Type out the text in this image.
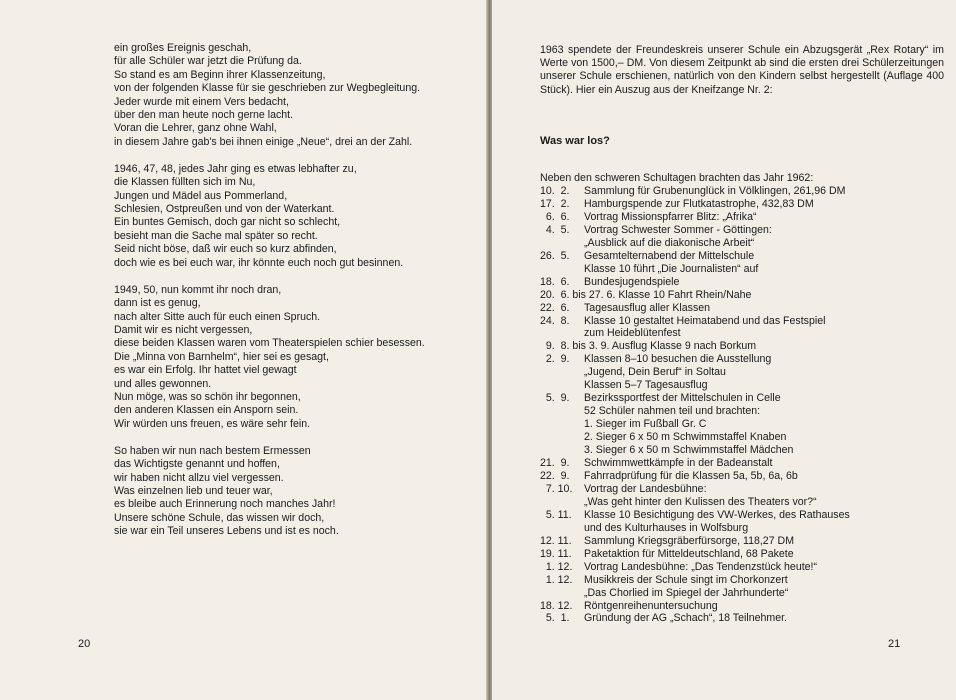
ein großes Ereignis geschah,
für alle Schüler war jetzt die Prüfung da.
So stand es am Beginn ihrer Klassenzeitung,
von der folgenden Klasse für sie geschrieben zur Wegbegleitung.
Jeder wurde mit einem Vers bedacht,
über den man heute noch gerne lacht.
Voran die Lehrer, ganz ohne Wahl,
in diesem Jahre gab's bei ihnen einige „Neue“, drei an der Zahl.
1946, 47, 48, jedes Jahr ging es etwas lebhafter zu,
die Klassen füllten sich im Nu,
Jungen und Mädel aus Pommerland,
Schlesien, Ostpreußen und von der Waterkant.
Ein buntes Gemisch, doch gar nicht so schlecht,
besieht man die Sache mal später so recht.
Seid nicht böse, daß wir euch so kurz abfinden,
doch wie es bei euch war, ihr könnte euch noch gut besinnen.
1949, 50, nun kommt ihr noch dran,
dann ist es genug,
nach alter Sitte auch für euch einen Spruch.
Damit wir es nicht vergessen,
diese beiden Klassen waren vom Theaterspielen schier besessen.
Die „Minna von Barnhelm“, hier sei es gesagt,
es war ein Erfolg. Ihr hattet viel gewagt
und alles gewonnen.
Nun möge, was so schön ihr begonnen,
den anderen Klassen ein Ansporn sein.
Wir würden uns freuen, es wäre sehr fein.
So haben wir nun nach bestem Ermessen
das Wichtigste genannt und hoffen,
wir haben nicht allzu viel vergessen.
Was einzelnen lieb und teuer war,
es bleibe auch Erinnerung noch manches Jahr!
Unsere schöne Schule, das wissen wir doch,
sie war ein Teil unseres Lebens und ist es noch.
20
1963 spendete der Freundeskreis unserer Schule ein Abzugsgerät „Rex Rotary“ im Werte von 1500,– DM. Von diesem Zeitpunkt ab sind die ersten drei Schülerzeitungen unserer Schule erschienen, natürlich von den Kindern selbst hergestellt (Auflage 400 Stück). Hier ein Auszug aus der Kneifzange Nr. 2:
Was war los?
Neben den schweren Schultagen brachten das Jahr 1962:
10.  2.	Sammlung für Grubenunglück in Völklingen, 261,96 DM
17.  2.	Hamburgspende zur Flutkatastrophe, 432,83 DM
6.  6.	Vortrag Missionspfarrer Blitz: „Afrika“
4.  5.	Vortrag Schwester Sommer - Göttingen:
„Ausblick auf die diakonische Arbeit“
26.  5.	Gesamtelternabend der Mittelschule
Klasse 10 führt „Die Journalisten“ auf
18.  6.	Bundesjugendspiele
20.  6. bis 27. 6. Klasse 10 Fahrt Rhein/Nahe
22.  6.	Tagesausflug aller Klassen
24.  8.	Klasse 10 gestaltet Heimatabend und das Festspiel
zum Heideblütenfest
9.  8. bis 3. 9. Ausflug Klasse 9 nach Borkum
2.  9.	Klassen 8–10 besuchen die Ausstellung
„Jugend, Dein Beruf“ in Soltau
Klassen 5–7 Tagesausflug
5.  9.	Bezirkssportfest der Mittelschulen in Celle
52 Schüler nahmen teil und brachten:
1. Sieger im Fußball Gr. C
2. Sieger 6 x 50 m Schwimmstaffel Knaben
3. Sieger 6 x 50 m Schwimmstaffel Mädchen
21.  9.	Schwimmwettkämpfe in der Badeanstalt
22.  9.	Fahrradprüfung für die Klassen 5a, 5b, 6a, 6b
7. 10.	Vortrag der Landesbühne:
„Was geht hinter den Kulissen des Theaters vor?“
5. 11.	Klasse 10 Besichtigung des VW-Werkes, des Rathauses
und des Kulturhauses in Wolfsburg
12. 11.	Sammlung Kriegsgräberfürsorge, 118,27 DM
19. 11.	Paketaktion für Mitteldeutschland, 68 Pakete
1. 12.	Vortrag Landesbühne: „Das Tendenzstück heute!“
1. 12.	Musikkreis der Schule singt im Chorkonzert
„Das Chorlied im Spiegel der Jahrhunderte“
18. 12.	Röntgenreihenuntersuchung
5.  1.	Gründung der AG „Schach“, 18 Teilnehmer.
21
